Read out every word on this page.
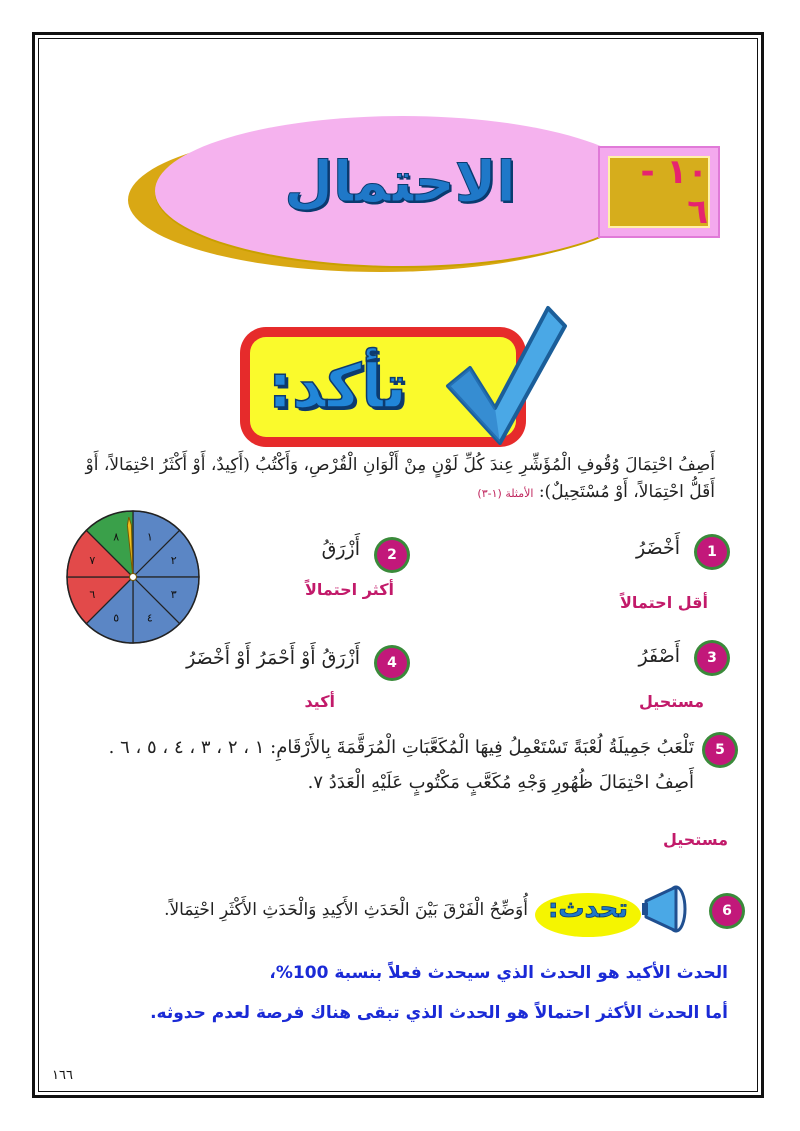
الاحتمال	١٠ - ٦
تأكد:
أَصِفُ احْتِمَالَ وُقُوفِ الْمُؤَشِّرِ عِندَ كُلِّ لَوْنٍ مِنْ أَلْوَانِ الْقُرْصِ، وَأَكْتُبُ (أَكِيدٌ، أَوْ أَكْثَرُ احْتِمَالاً، أَوْ
أَقَلُّ احْتِمَالاً، أَوْ مُسْتَحِيلٌ): الأمثلة (١-٣)
١
٢
٣
٤
٥
٦
٧
٨
1
أَخْضَرُ
أقل احتمالاً
2
أَزْرَقُ
أكثر احتمالاً
3
أَصْفَرُ
مستحيل
4
أَزْرَقُ أَوْ أَحْمَرُ أَوْ أَخْضَرُ
أكيد
5
تَلْعَبُ جَمِيلَةُ لُعْبَةً تَسْتَعْمِلُ فِيهَا الْمُكَعَّبَاتِ الْمُرَقَّمَةَ بِالأَرْقَامِ: ١ ، ٢ ، ٣ ، ٤ ، ٥ ، ٦ .
أَصِفُ احْتِمَالَ ظُهُورِ وَجْهِ مُكَعَّبٍ مَكْتُوبٍ عَلَيْهِ الْعَدَدُ ٧.
مستحيل
6
تحدث:
أُوَضِّحُ الْفَرْقَ بَيْنَ الْحَدَثِ الأَكِيدِ وَالْحَدَثِ الأَكْثَرِ احْتِمَالاً.
الحدث الأكيد هو الحدث الذي سيحدث فعلاً بنسبة 100%،
أما الحدث الأكثر احتمالاً هو الحدث الذي تبقى هناك فرصة لعدم حدوثه.
١٦٦
